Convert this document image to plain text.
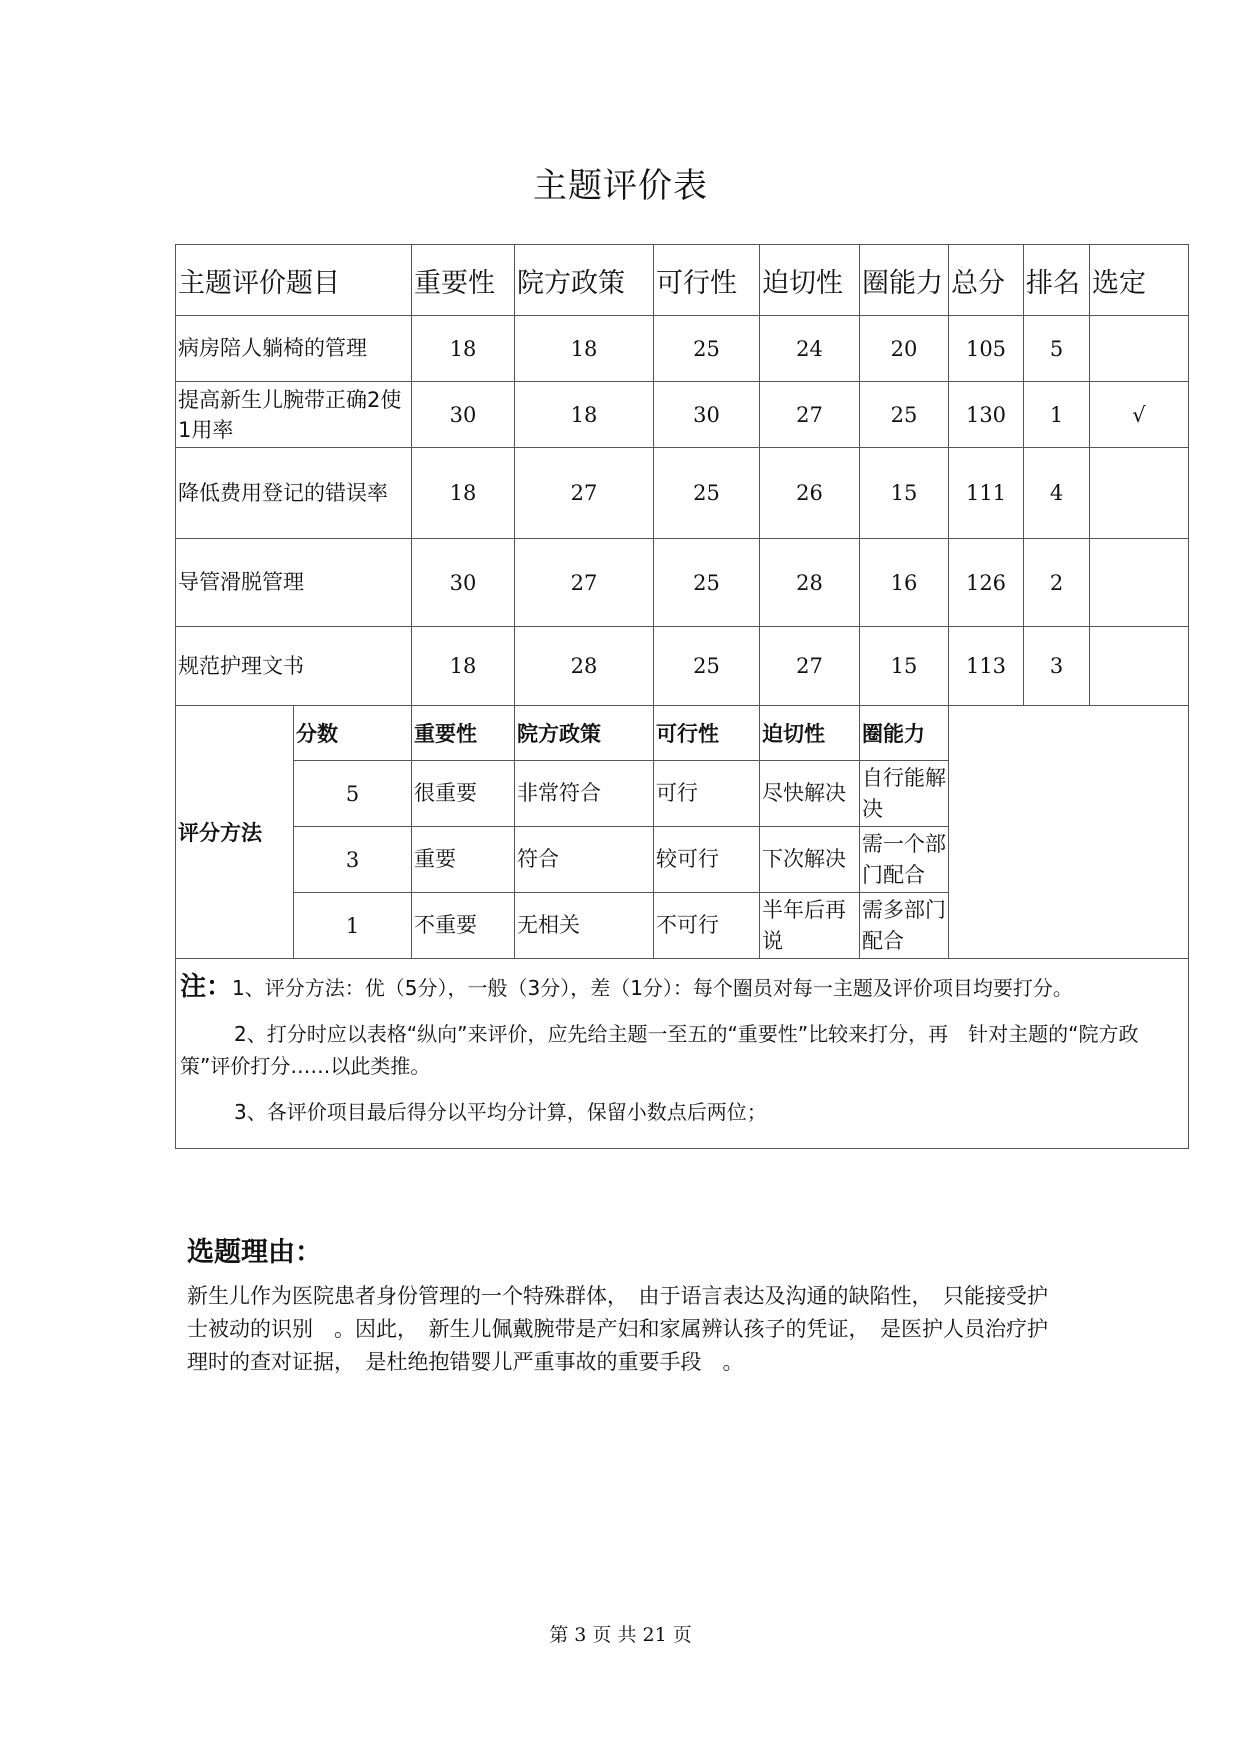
主题评价表
主题评价题目		重要性	院方政策	可行性	迫切性	圈能力	总分	排名	选定
病房陪人躺椅的管理		18	18	25	24	20	105	5	
提高新生儿腕带正确2使1用率		30	18	30	27	25	130	1	√
降低费用登记的错误率		18	27	25	26	15	111	4	
导管滑脱管理		30	27	25	28	16	126	2	
规范护理文书		18	28	25	27	15	113	3	
评分方法	分数	重要性	院方政策	可行性	迫切性	圈能力			
	5	很重要	非常符合	可行	尽快解决	自行能解决			
	3	重要	符合	较可行	下次解决	需一个部门配合			
	1	不重要	无相关	不可行	半年后再说	需多部门配合			

注：1、评分方法：优（5分），一般（3分），差（1分）：每个圈员对每一主题及评价项目均要打分。

2、打分时应以表格“纵向”来评价，应先给主题一至五的“重要性”比较来打分，再　针对主题的“院方政策”评价打分……以此类推。

3、各评价项目最后得分以平均分计算，保留小数点后两位；									

选题理由：
新生儿作为医院患者身份管理的一个特殊群体，　由于语言表达及沟通的缺陷性，　只能接受护士被动的识别　。因此，　新生儿佩戴腕带是产妇和家属辨认孩子的凭证，　是医护人员治疗护理时的查对证据，　是杜绝抱错婴儿严重事故的重要手段　。
第 3 页 共 21 页
